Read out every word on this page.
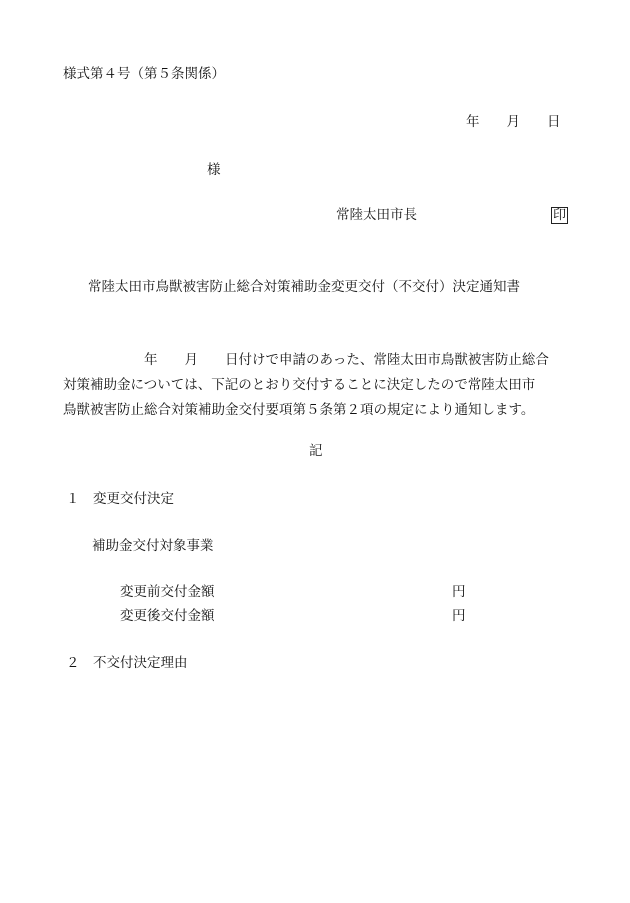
様式第４号（第５条関係）
年　　月　　日
様
常陸太田市長	印
常陸太田市鳥獣被害防止総合対策補助金変更交付（不交付）決定通知書
　　　　　　年　　月　　日付けで申請のあった、常陸太田市鳥獣被害防止総合
対策補助金については、下記のとおり交付することに決定したので常陸太田市
鳥獣被害防止総合対策補助金交付要項第５条第２項の規定により通知します。
記
１　変更交付決定
補助金交付対象事業
変更前交付金額	円
変更後交付金額	円
２　不交付決定理由
